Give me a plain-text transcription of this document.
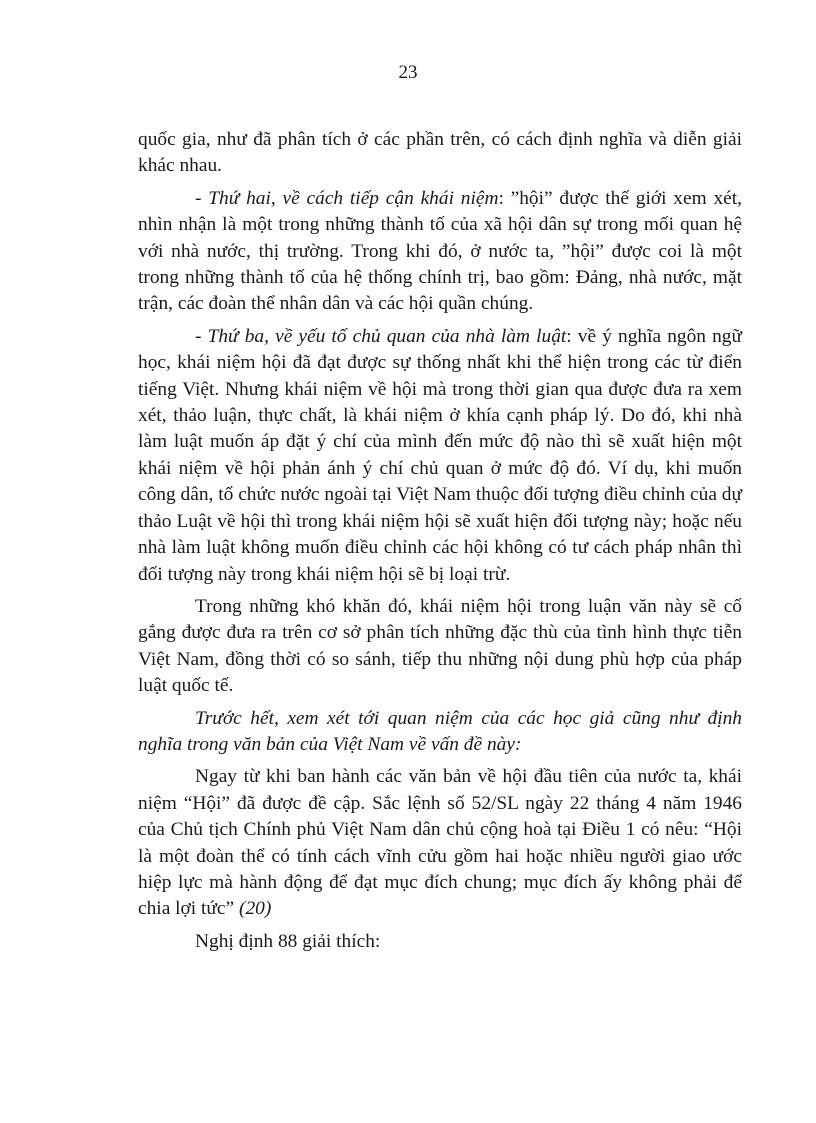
23

quốc gia, như đã phân tích ở các phần trên, có cách định nghĩa và diễn giải khác nhau.

- Thứ hai, về cách tiếp cận khái niệm: ”hội” được thế giới xem xét, nhìn nhận là một trong những thành tố của xã hội dân sự trong mối quan hệ với nhà nước, thị trường. Trong khi đó, ở nước ta, ”hội” được coi là một trong những thành tố của hệ thống chính trị, bao gồm: Đảng, nhà nước, mặt trận, các đoàn thể nhân dân và các hội quần chúng.

- Thứ ba, về yếu tố chủ quan của nhà làm luật: về ý nghĩa ngôn ngữ học, khái niệm hội đã đạt được sự thống nhất khi thể hiện trong các từ điển tiếng Việt. Nhưng khái niệm về hội mà trong thời gian qua được đưa ra xem xét, thảo luận, thực chất, là khái niệm ở khía cạnh pháp lý. Do đó, khi nhà làm luật muốn áp đặt ý chí của mình đến mức độ nào thì sẽ xuất hiện một khái niệm về hội phản ánh ý chí chủ quan ở mức độ đó. Ví dụ, khi muốn công dân, tổ chức nước ngoài tại Việt Nam thuộc đối tượng điều chỉnh của dự thảo Luật về hội thì trong khái niệm hội sẽ xuất hiện đối tượng này; hoặc nếu nhà làm luật không muốn điều chỉnh các hội không có tư cách pháp nhân thì đối tượng này trong khái niệm hội sẽ bị loại trừ.

Trong những khó khăn đó, khái niệm hội trong luận văn này sẽ cố gắng được đưa ra trên cơ sở phân tích những đặc thù của tình hình thực tiễn Việt Nam, đồng thời có so sánh, tiếp thu những nội dung phù hợp của pháp luật quốc tế.

Trước hết, xem xét tới quan niệm của các học giả cũng như định nghĩa trong văn bản của Việt Nam về vấn đề này:

Ngay từ khi ban hành các văn bản về hội đầu tiên của nước ta, khái niệm “Hội” đã được đề cập. Sắc lệnh số 52/SL ngày 22 tháng 4 năm 1946 của Chủ tịch Chính phủ Việt Nam dân chủ cộng hoà tại Điều 1 có nêu: “Hội là một đoàn thể có tính cách vĩnh cửu gồm hai hoặc nhiều người giao ước hiệp lực mà hành động để đạt mục đích chung; mục đích ấy không phải để chia lợi tức” (20)

Nghị định 88 giải thích:
